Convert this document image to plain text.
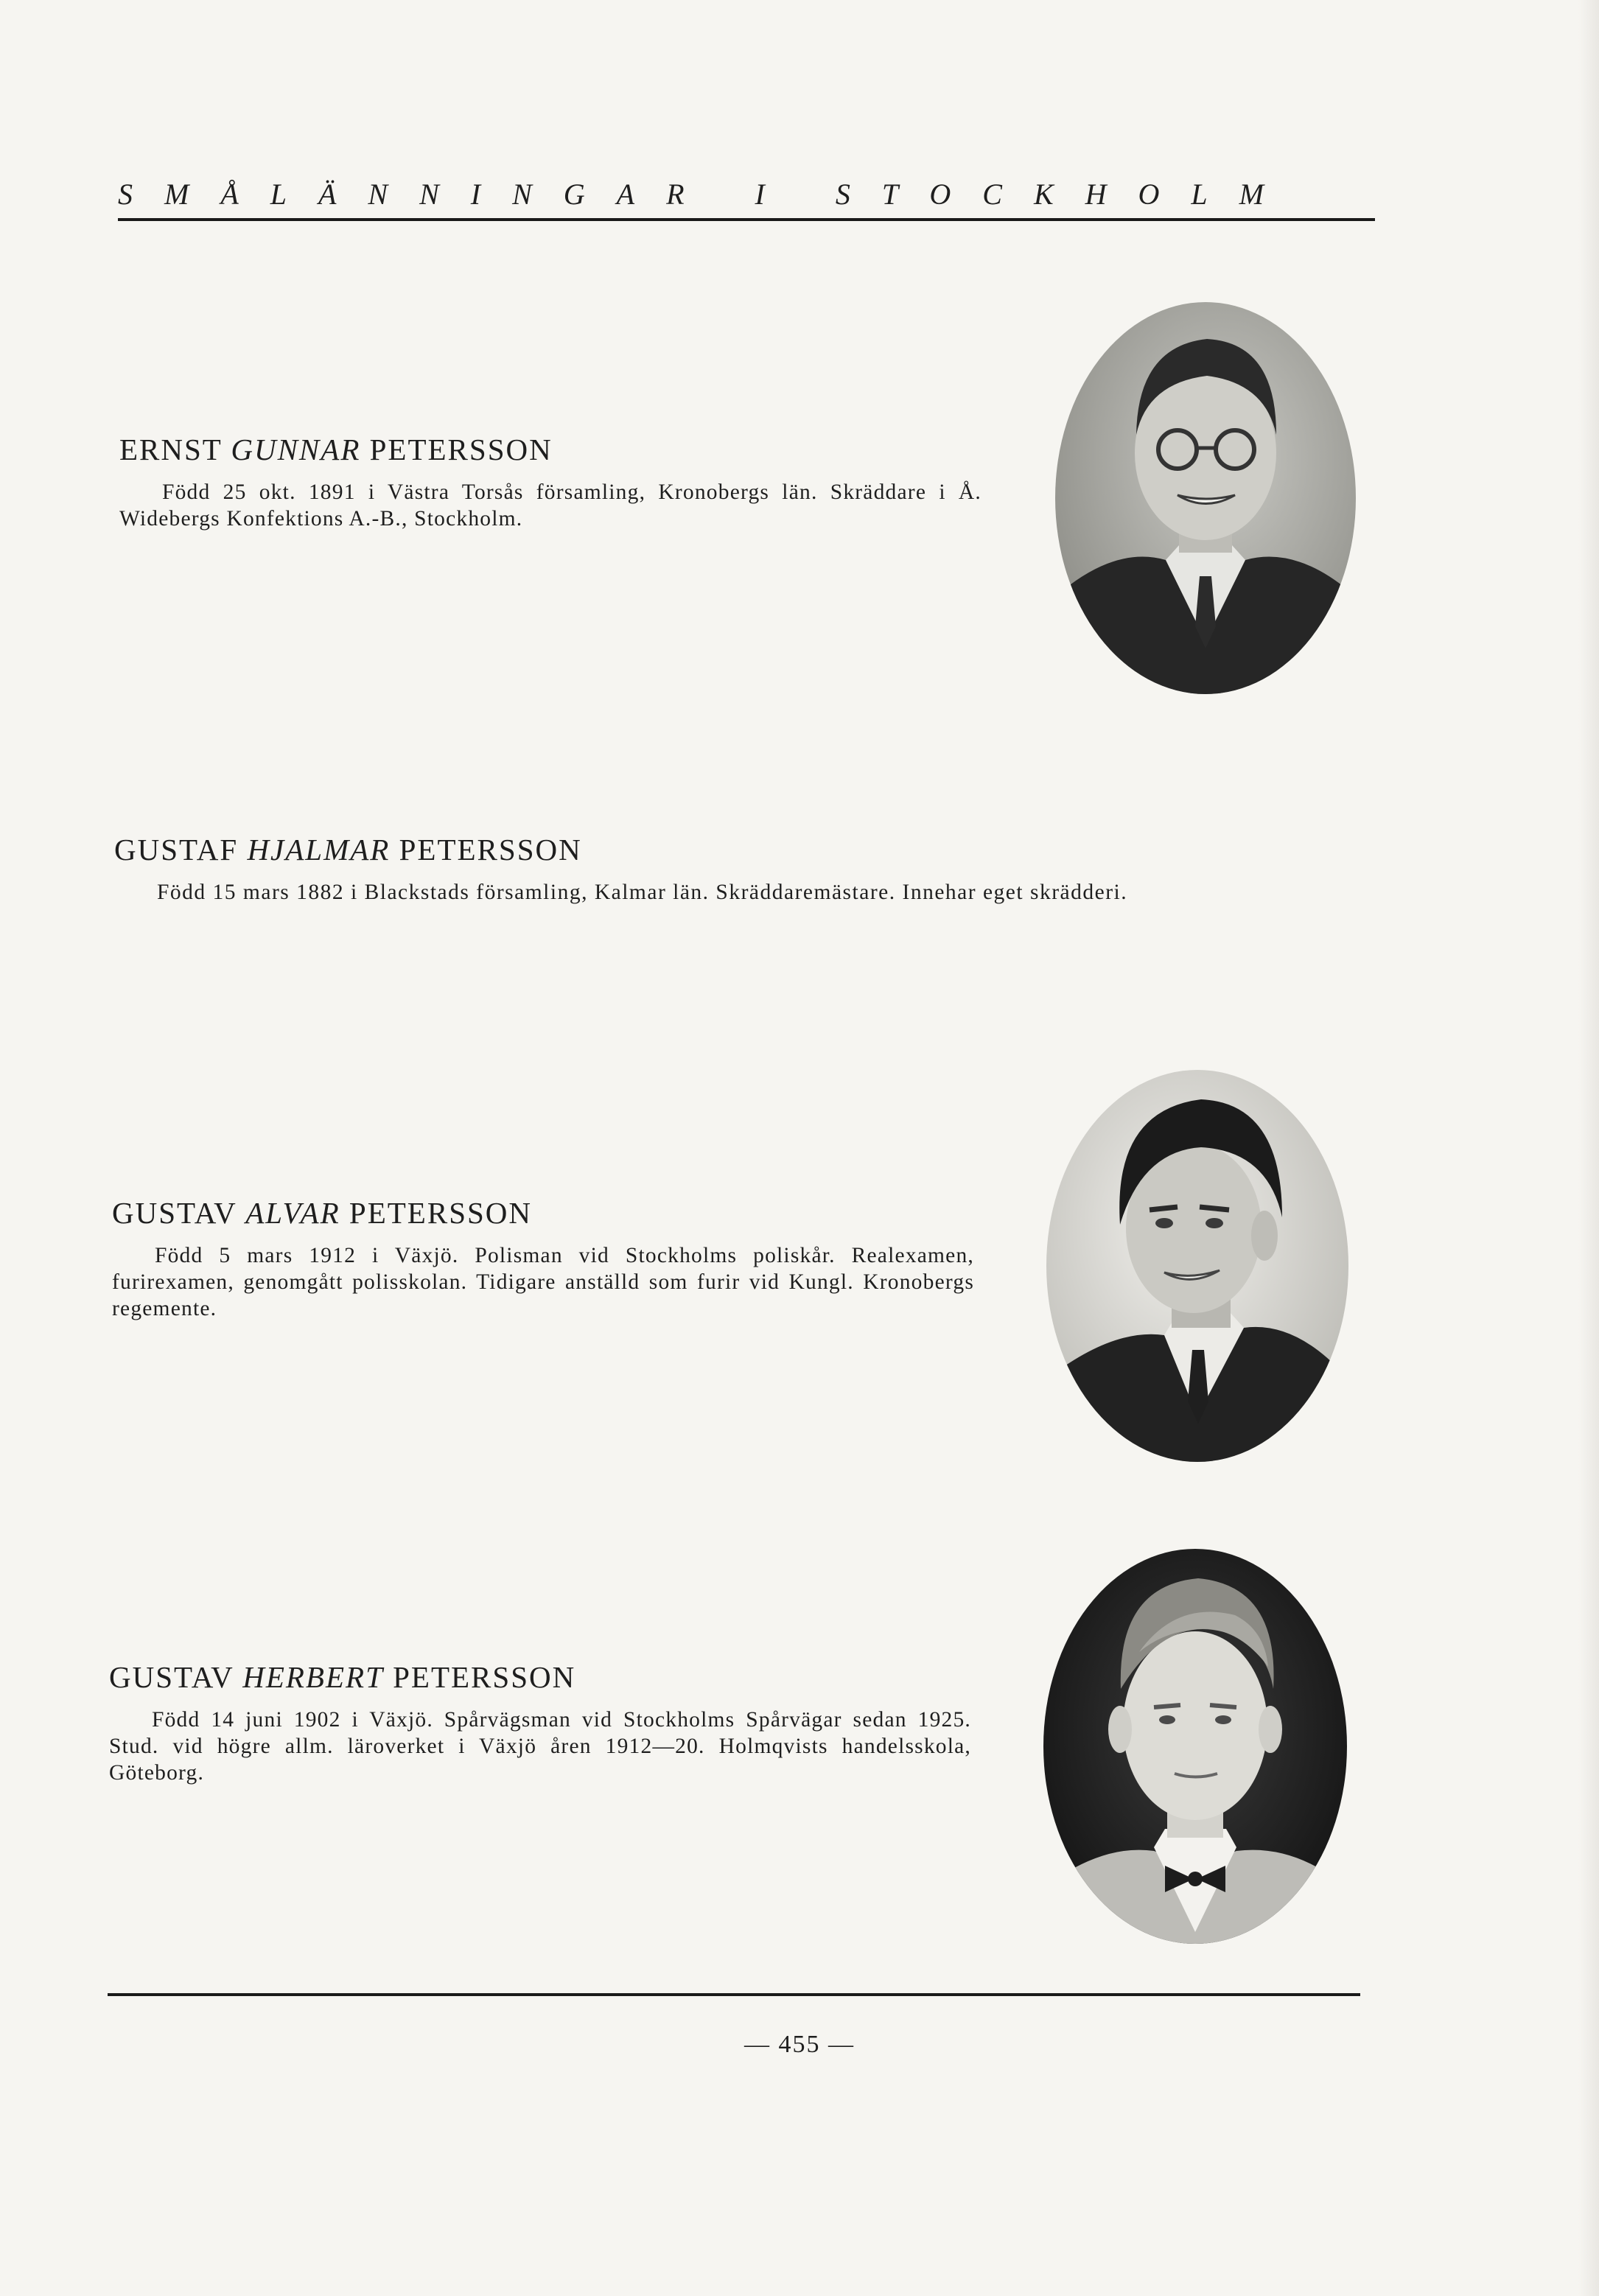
SMÅLÄNNINGAR I STOCKHOLM
ERNST GUNNAR PETERSSON

Född 25 okt. 1891 i Västra Torsås församling, Kronobergs län. Skräddare i Å. Widebergs Konfektions A.-B., Stockholm.

GUSTAF HJALMAR PETERSSON

Född 15 mars 1882 i Blackstads församling, Kalmar län. Skräddaremästare. Innehar eget skrädderi.

GUSTAV ALVAR PETERSSON

Född 5 mars 1912 i Växjö. Polisman vid Stockholms poliskår. Realexamen, furirexamen, genomgått polisskolan. Tidigare anställd som furir vid Kungl. Kronobergs regemente.

GUSTAV HERBERT PETERSSON

Född 14 juni 1902 i Växjö. Spårvägsman vid Stockholms Spårvägar sedan 1925. Stud. vid högre allm. läroverket i Växjö åren 1912—20. Holmqvists handelsskola, Göteborg.

— 455 —
